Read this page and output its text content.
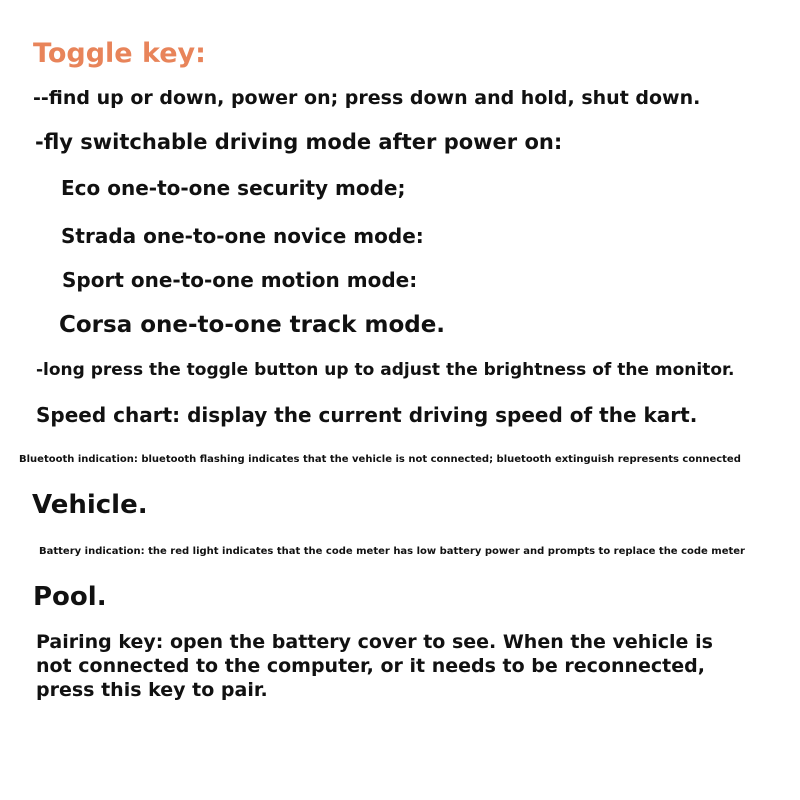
Toggle key:
--find up or down, power on; press down and hold, shut down.
-fly switchable driving mode after power on:
Eco one-to-one security mode;
Strada one-to-one novice mode:
Sport one-to-one motion mode:
Corsa one-to-one track mode.
-long press the toggle button up to adjust the brightness of the monitor.
Speed chart: display the current driving speed of the kart.
Bluetooth indication: bluetooth flashing indicates that the vehicle is not connected; bluetooth extinguish represents connected
Vehicle.
Battery indication: the red light indicates that the code meter has low battery power and prompts to replace the code meter
Pool.
Pairing key: open the battery cover to see. When the vehicle is
not connected to the computer, or it needs to be reconnected,
press this key to pair.
